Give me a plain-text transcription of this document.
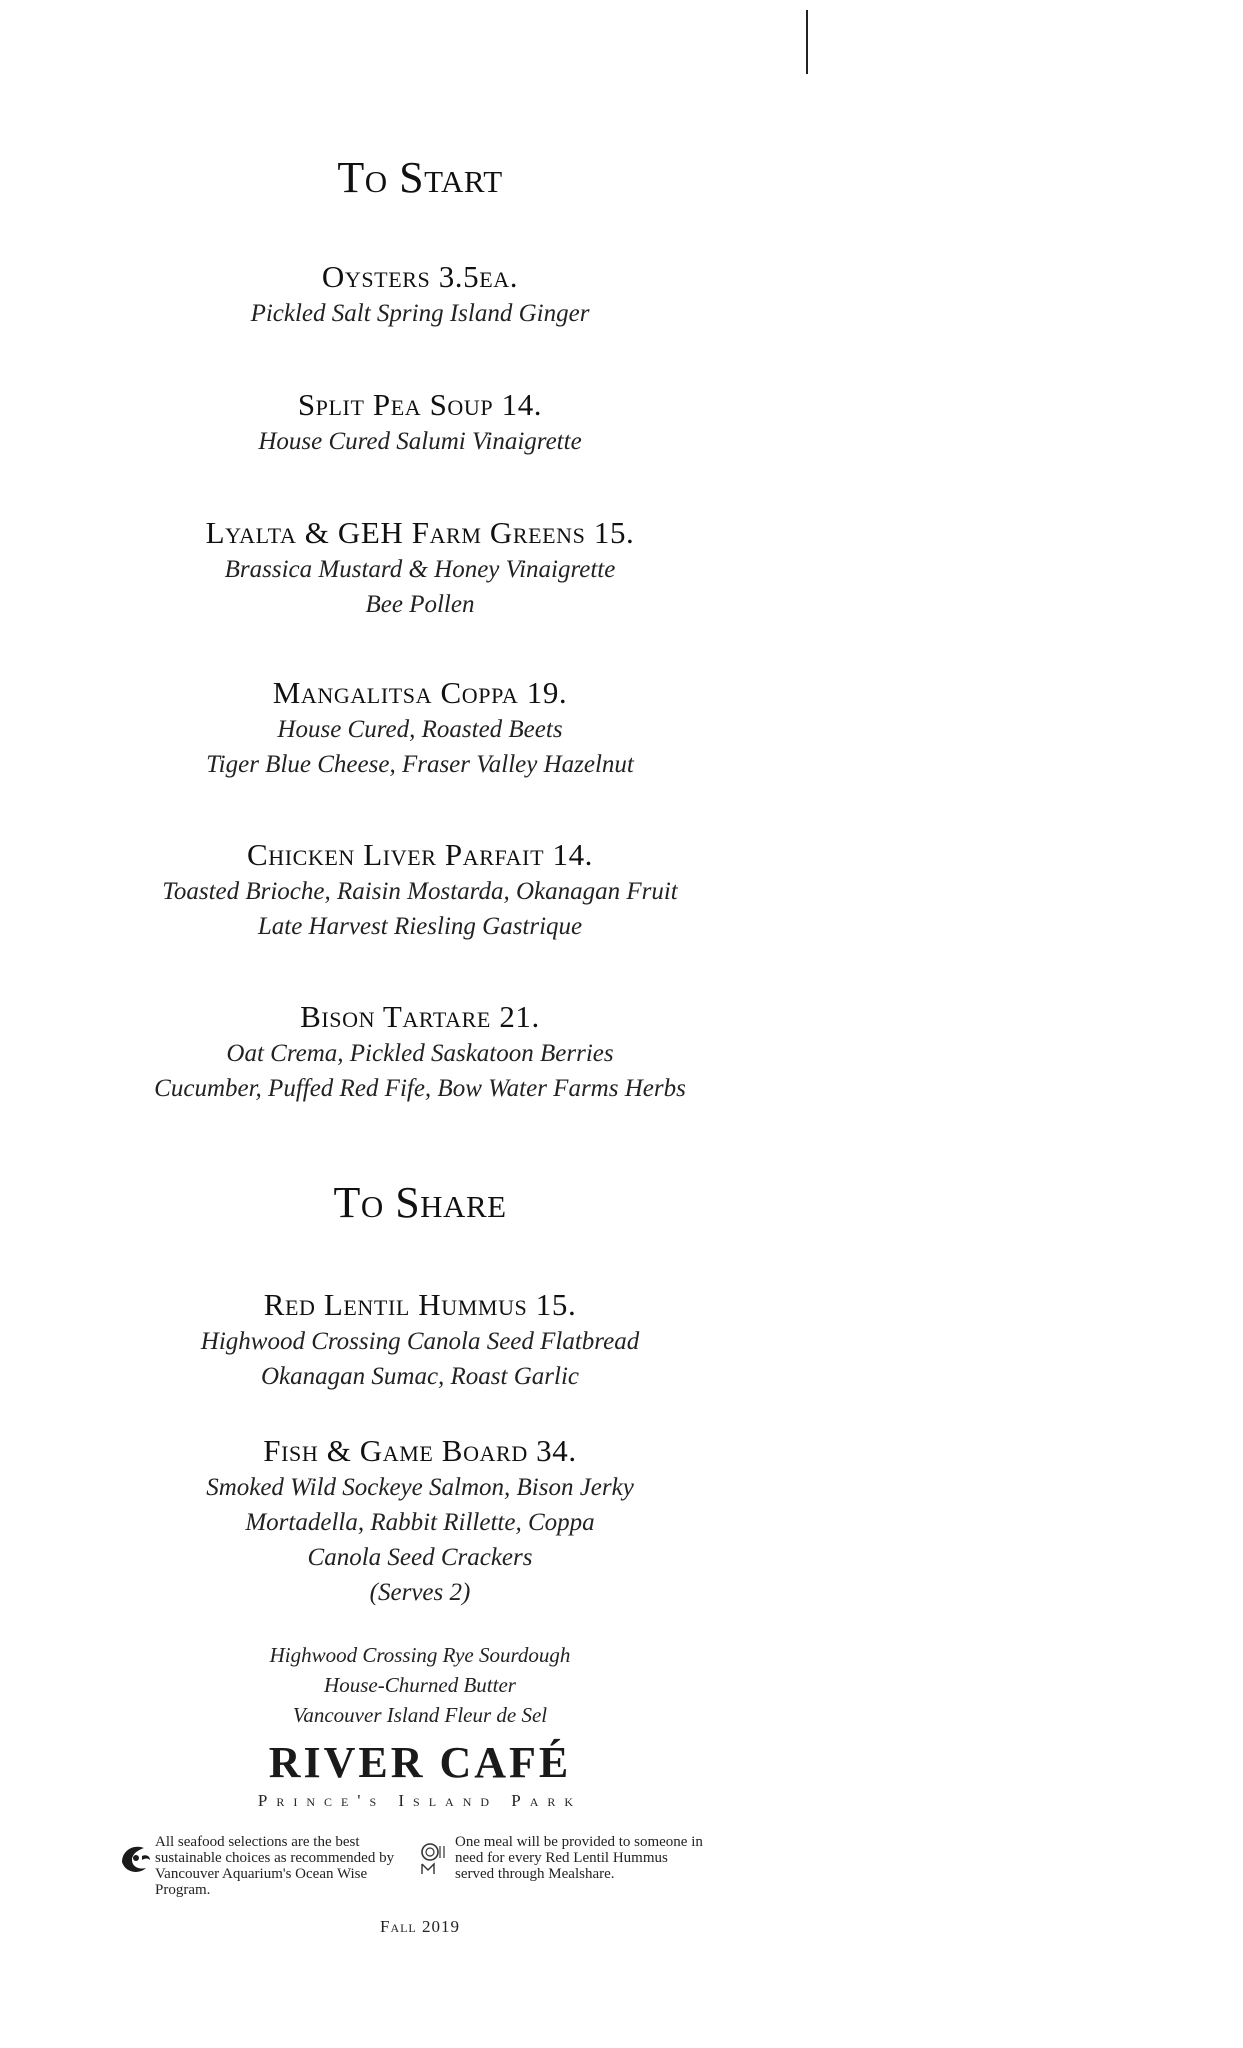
To Start
Oysters 3.5ea.
Pickled Salt Spring Island Ginger
Split Pea Soup 14.
House Cured Salumi Vinaigrette
Lyalta & GEH Farm Greens 15.
Brassica Mustard & Honey Vinaigrette
Bee Pollen
Mangalitsa Coppa 19.
House Cured, Roasted Beets
Tiger Blue Cheese, Fraser Valley Hazelnut
Chicken Liver Parfait 14.
Toasted Brioche, Raisin Mostarda, Okanagan Fruit
Late Harvest Riesling Gastrique
Bison Tartare 21.
Oat Crema, Pickled Saskatoon Berries
Cucumber, Puffed Red Fife, Bow Water Farms Herbs
To Share
Red Lentil Hummus 15.
Highwood Crossing Canola Seed Flatbread
Okanagan Sumac, Roast Garlic
Fish & Game Board 34.
Smoked Wild Sockeye Salmon, Bison Jerky
Mortadella, Rabbit Rillette, Coppa
Canola Seed Crackers
(Serves 2)
Highwood Crossing Rye Sourdough
House-Churned Butter
Vancouver Island Fleur de Sel
RIVER CAFÉ
Prince's Island Park
Fall 2019
All seafood selections are the best sustainable choices as recommended by Vancouver Aquarium's Ocean Wise Program.
One meal will be provided to someone in need for every Red Lentil Hummus served through Mealshare.
